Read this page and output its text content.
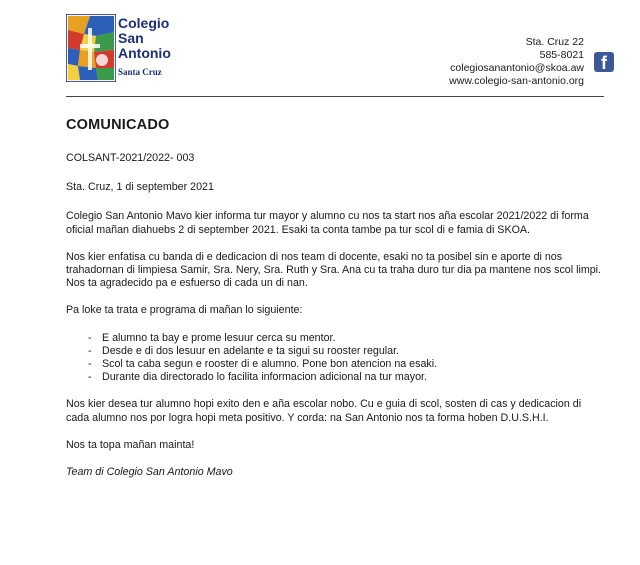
Colegio
San
Antonio
Santa Cruz
Sta. Cruz 22
585-8021
colegiosanantonio@skoa.aw
www.colegio-san-antonio.org
f
COMUNICADO

COLSANT-2021/2022- 003

Sta. Cruz, 1 di september 2021

Colegio San Antonio Mavo kier informa tur mayor y alumno cu nos ta start nos aña escolar 2021/2022 di forma oficial mañan diahuebs 2 di september 2021. Esaki ta conta tambe pa tur scol di e famia di SKOA.

Nos kier enfatisa cu banda di e dedicacion di nos team di docente, esaki no ta posibel sin e aporte di nos trahadornan di limpiesa Samir, Sra. Nery, Sra. Ruth y Sra. Ana cu ta traha duro tur dia pa mantene nos scol limpi. Nos ta agradecido pa e esfuerso di cada un di nan.

Pa loke ta trata e programa di mañan lo siguiente:

- E alumno ta bay e prome lesuur cerca su mentor.
- Desde e di dos lesuur en adelante e ta sigui su rooster regular.
- Scol ta caba segun e rooster di e alumno. Pone bon atencion na esaki.
- Durante dia directorado lo facilita informacion adicional na tur mayor.

Nos kier desea tur alumno hopi exito den e aña escolar nobo. Cu e guia di scol, sosten di cas y dedicacion di cada alumno nos por logra hopi meta positivo. Y corda: na San Antonio nos ta forma hoben D.U.S.H.I.

Nos ta topa mañan mainta!

Team di Colegio San Antonio Mavo
